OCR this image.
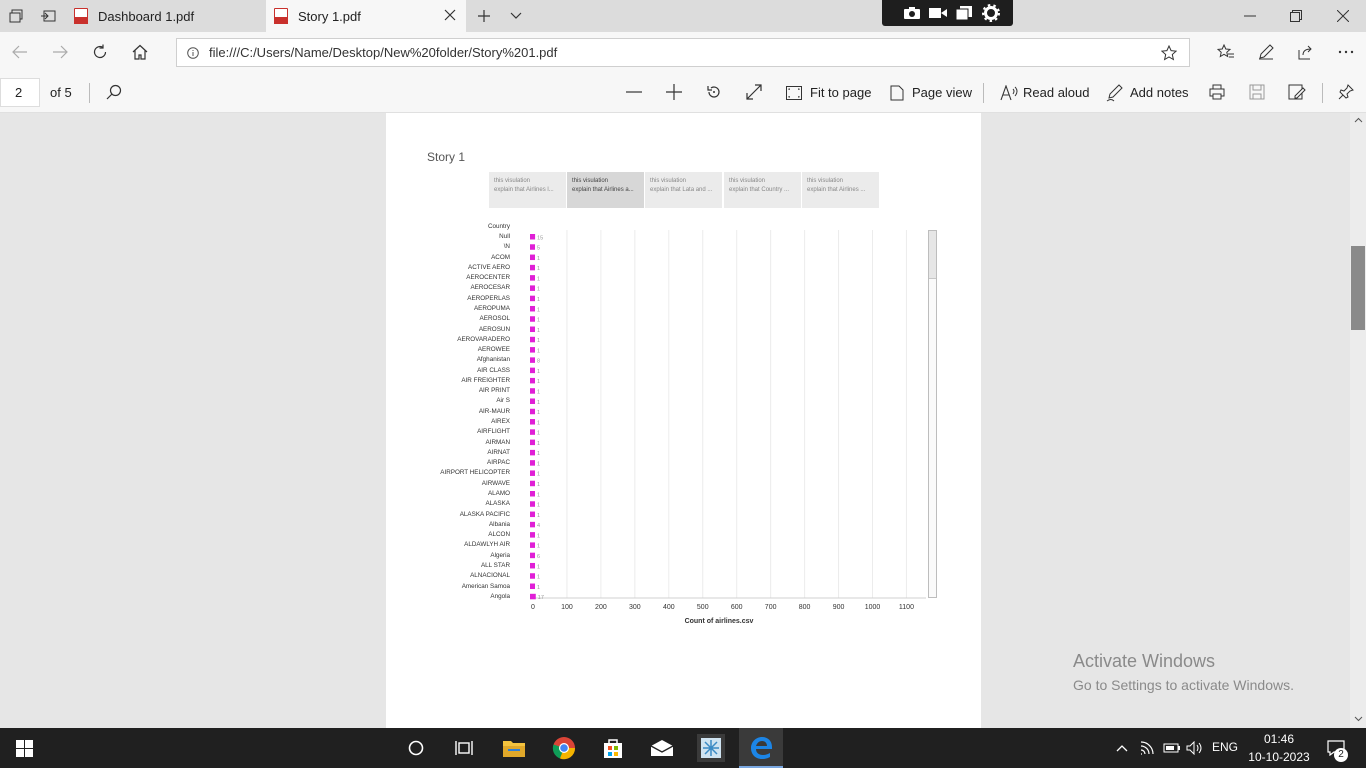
Dashboard 1.pdf	Story 1.pdf
file:///C:/Users/Name/Desktop/New%20folder/Story%201.pdf
2	of 5	Fit to page	Page view	Read aloud	Add notes
Story 1
this visulation
explain that Airlines l...
this visulation
explain that Airlines a...
this visulation
explain that Lata and ...
this visulation
explain that Country ...
this visulation
explain that Airlines ...
Country
15
5
1
1
1
1
1
1
1
1
1
1
8
1
1
1
1
1
1
1
1
1
1
1
1
1
1
1
4
1
1
6
1
1
1
17
0	100	200	300	400	500	600	700	800	900	1000	1100
Null
\N
ACOM
ACTIVE AERO
AEROCENTER
AEROCESAR
AEROPERLAS
AEROPUMA
AEROSOL
AEROSUN
AEROVARADERO
AEROWEE
Afghanistan
AIR CLASS
AIR FREIGHTER
AIR PRINT
Air S
AIR-MAUR
AIREX
AIRFLIGHT
AIRMAN
AIRNAT
AIRPAC
AIRPORT HELICOPTER
AIRWAVE
ALAMO
ALASKA
ALASKA PACIFIC
Albania
ALCON
ALDAWLYH AIR
Algeria
ALL STAR
ALNACIONAL
American Samoa
Angola
Count of airlines.csv
Activate Windows
Go to Settings to activate Windows.
ENG
01:46
10-10-2023	2
